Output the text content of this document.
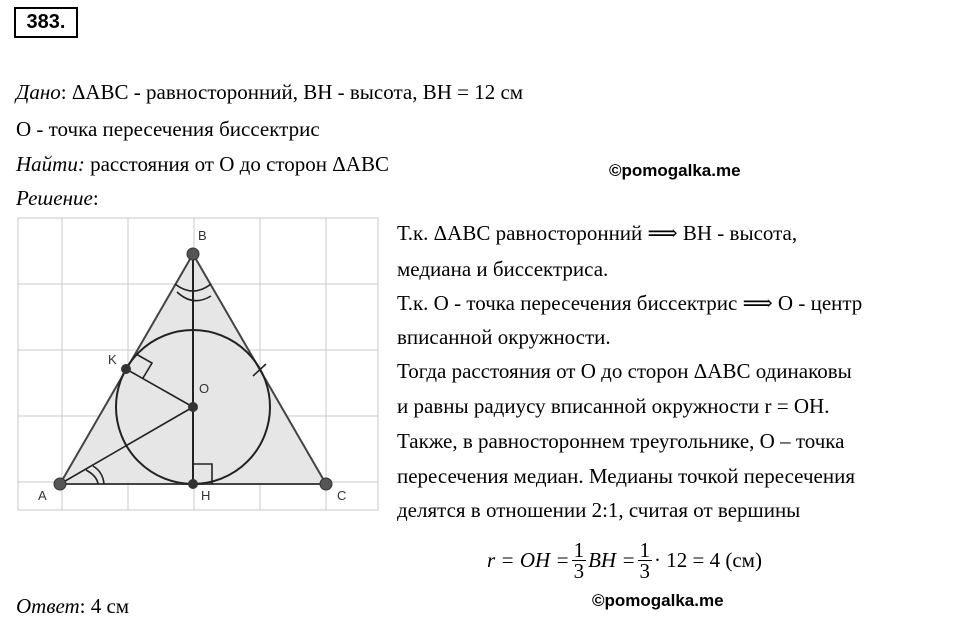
383.
Дано: ΔABC - равносторонний, BH - высота, BH = 12 см
O - точка пересечения биссектрис
Найти: расстояния от O до сторон ΔABC
Решение:
©pomogalka.me
A
B
C
H
O
K
Т.к. ΔABC равносторонний ⟹ BH - высота,
медиана и биссектриса.
Т.к. O - точка пересечения биссектрис ⟹ O - центр
вписанной окружности.
Тогда расстояния от O до сторон ΔABC одинаковы
и равны радиусу вписанной окружности r = OH.
Также, в равностороннем треугольнике, O – точка
пересечения медиан. Медианы точкой пересечения
делятся в отношении 2:1, считая от вершины
r = OH = $\frac{1}{3}$ BH = $\frac{1}{3} \cdot 12 = 4$ (см)
Ответ: 4 см	©pomogalka.me
